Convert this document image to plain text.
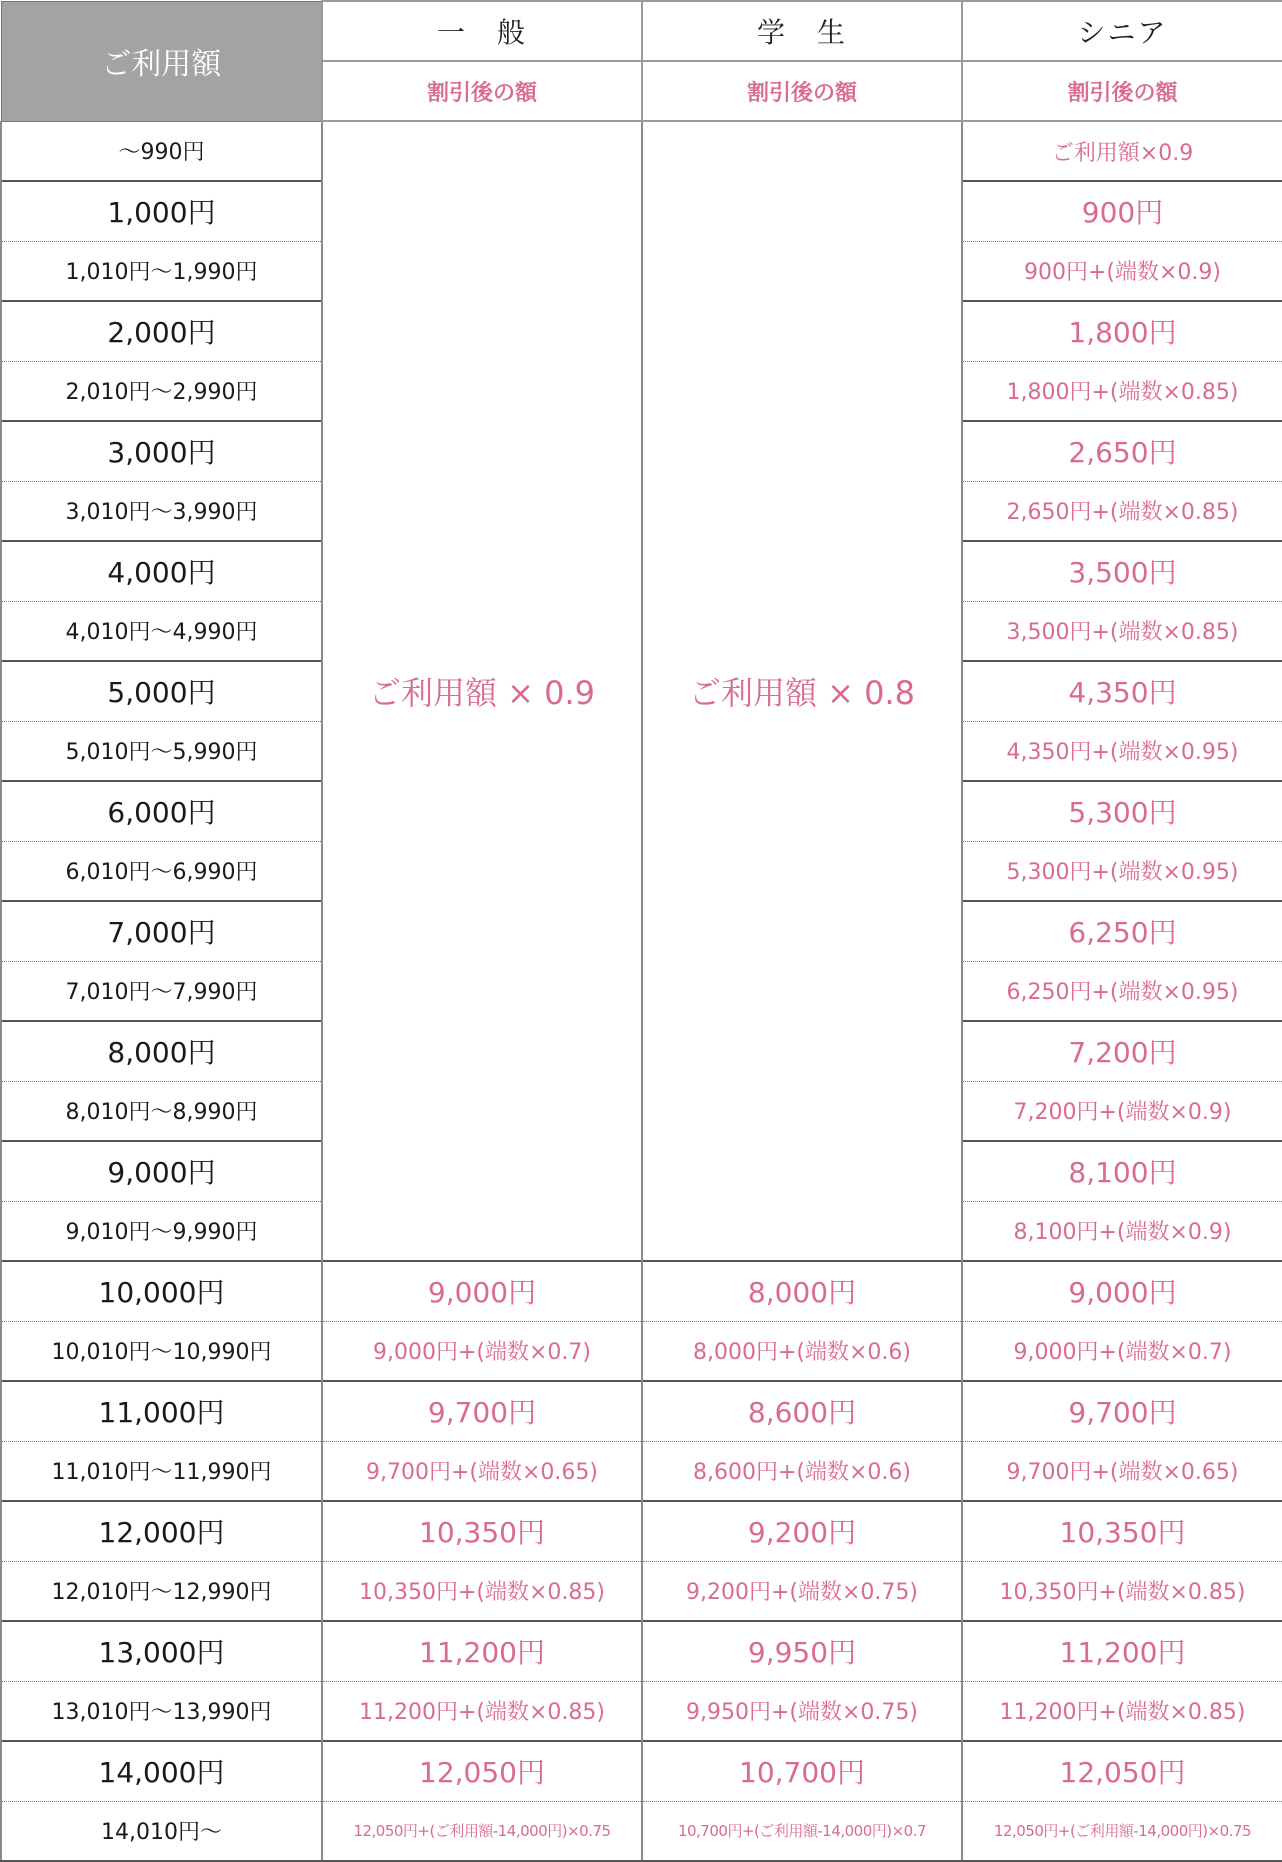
ご利用額	一　般	学　生	シニア
	割引後の額	割引後の額	割引後の額
～990円	ご利用額 × 0.9	ご利用額 × 0.8	ご利用額×0.9
1,000円			900円
1,010円～1,990円			900円+(端数×0.9)
2,000円			1,800円
2,010円～2,990円			1,800円+(端数×0.85)
3,000円			2,650円
3,010円～3,990円			2,650円+(端数×0.85)
4,000円			3,500円
4,010円～4,990円			3,500円+(端数×0.85)
5,000円			4,350円
5,010円～5,990円			4,350円+(端数×0.95)
6,000円			5,300円
6,010円～6,990円			5,300円+(端数×0.95)
7,000円			6,250円
7,010円～7,990円			6,250円+(端数×0.95)
8,000円			7,200円
8,010円～8,990円			7,200円+(端数×0.9)
9,000円			8,100円
9,010円～9,990円			8,100円+(端数×0.9)
10,000円	9,000円	8,000円	9,000円
10,010円～10,990円	9,000円+(端数×0.7)	8,000円+(端数×0.6)	9,000円+(端数×0.7)
11,000円	9,700円	8,600円	9,700円
11,010円～11,990円	9,700円+(端数×0.65)	8,600円+(端数×0.6)	9,700円+(端数×0.65)
12,000円	10,350円	9,200円	10,350円
12,010円～12,990円	10,350円+(端数×0.85)	9,200円+(端数×0.75)	10,350円+(端数×0.85)
13,000円	11,200円	9,950円	11,200円
13,010円～13,990円	11,200円+(端数×0.85)	9,950円+(端数×0.75)	11,200円+(端数×0.85)
14,000円	12,050円	10,700円	12,050円
14,010円～	12,050円+(ご利用額-14,000円)×0.75	10,700円+(ご利用額-14,000円)×0.7	12,050円+(ご利用額-14,000円)×0.75
